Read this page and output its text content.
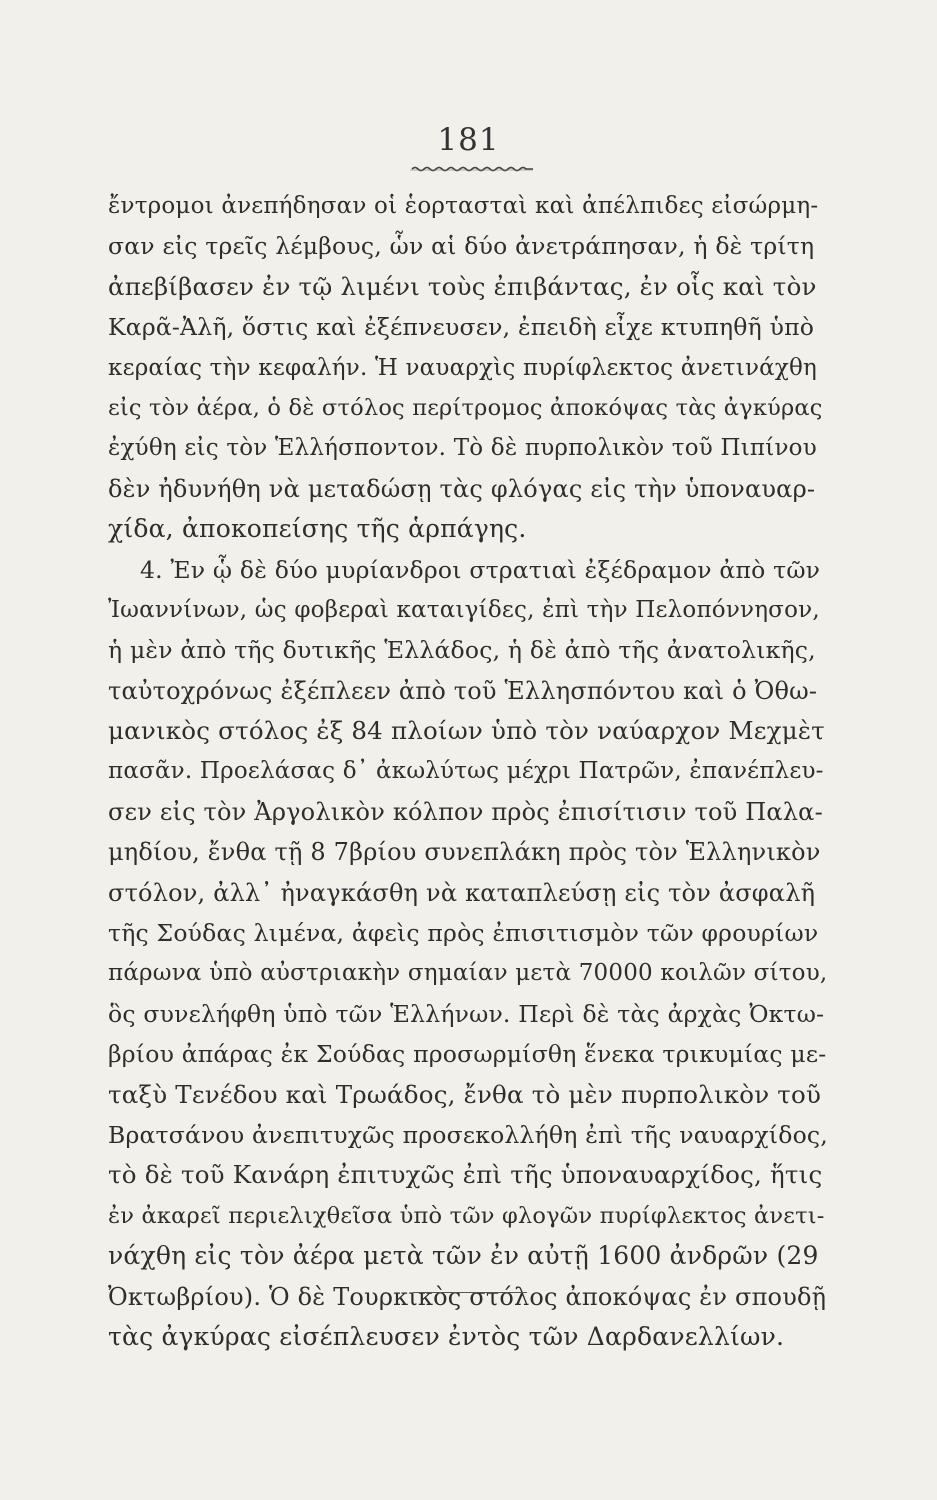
181
ἔντρομοι ἀνεπήδησαν οἱ ἑορτασταὶ καὶ ἀπέλπιδες εἰσώρμη-
σαν εἰς τρεῖς λέμβους, ὧν αἱ δύο ἀνετράπησαν, ἡ δὲ τρίτη
ἀπεβίβασεν ἐν τῷ λιμένι τοὺς ἐπιβάντας, ἐν οἷς καὶ τὸν
Καρᾶ-Ἀλῆ, ὅστις καὶ ἐξέπνευσεν, ἐπειδὴ εἶχε κτυπηθῆ ὑπὸ
κεραίας τὴν κεφαλήν. Ἡ ναυαρχὶς πυρίφλεκτος ἀνετινάχθη
εἰς τὸν ἀέρα, ὁ δὲ στόλος περίτρομος ἀποκόψας τὰς ἀγκύρας
ἐχύθη εἰς τὸν Ἑλλήσποντον. Τὸ δὲ πυρπολικὸν τοῦ Πιπίνου
δὲν ἠδυνήθη νὰ μεταδώσῃ τὰς φλόγας εἰς τὴν ὑποναυαρ-
χίδα, ἀποκοπείσης τῆς ἁρπάγης.
4. Ἐν ᾧ δὲ δύο μυρίανδροι στρατιαὶ ἐξέδραμον ἀπὸ τῶν
Ἰωαννίνων, ὡς φοβεραὶ καταιγίδες, ἐπὶ τὴν Πελοπόννησον,
ἡ μὲν ἀπὸ τῆς δυτικῆς Ἑλλάδος, ἡ δὲ ἀπὸ τῆς ἀνατολικῆς,
ταὐτοχρόνως ἐξέπλεεν ἀπὸ τοῦ Ἑλλησπόντου καὶ ὁ Ὀθω-
μανικὸς στόλος ἐξ 84 πλοίων ὑπὸ τὸν ναύαρχον Μεχμὲτ
πασᾶν. Προελάσας δ᾽ ἀκωλύτως μέχρι Πατρῶν, ἐπανέπλευ-
σεν εἰς τὸν Ἀργολικὸν κόλπον πρὸς ἐπισίτισιν τοῦ Παλα-
μηδίου, ἔνθα τῇ 8 7βρίου συνεπλάκη πρὸς τὸν Ἑλληνικὸν
στόλον, ἀλλ᾽ ἠναγκάσθη νὰ καταπλεύσῃ εἰς τὸν ἀσφαλῆ
τῆς Σούδας λιμένα, ἀφεὶς πρὸς ἐπισιτισμὸν τῶν φρουρίων
πάρωνα ὑπὸ αὐστριακὴν σημαίαν μετὰ 70000 κοιλῶν σίτου,
ὃς συνελήφθη ὑπὸ τῶν Ἑλλήνων. Περὶ δὲ τὰς ἀρχὰς Ὀκτω-
βρίου ἀπάρας ἐκ Σούδας προσωρμίσθη ἕνεκα τρικυμίας με-
ταξὺ Τενέδου καὶ Τρωάδος, ἔνθα τὸ μὲν πυρπολικὸν τοῦ
Βρατσάνου ἀνεπιτυχῶς προσεκολλήθη ἐπὶ τῆς ναυαρχίδος,
τὸ δὲ τοῦ Κανάρη ἐπιτυχῶς ἐπὶ τῆς ὑποναυαρχίδος, ἥτις
ἐν ἀκαρεῖ περιελιχθεῖσα ὑπὸ τῶν φλογῶν πυρίφλεκτος ἀνετι-
νάχθη εἰς τὸν ἀέρα μετὰ τῶν ἐν αὐτῇ 1600 ἀνδρῶν (29
Ὀκτωβρίου). Ὁ δὲ Τουρκικὸς στόλος ἀποκόψας ἐν σπουδῇ
τὰς ἀγκύρας εἰσέπλευσεν ἐντὸς τῶν Δαρδανελλίων.
